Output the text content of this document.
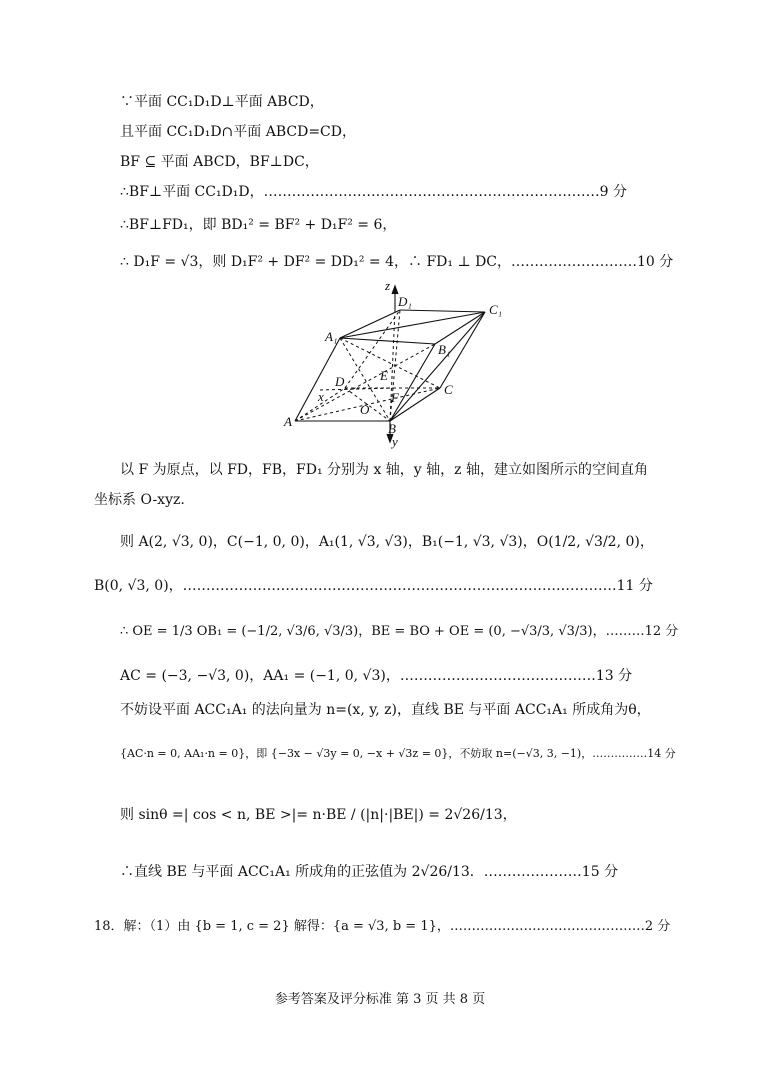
∵平面 CC₁D₁D⊥平面 ABCD，
且平面 CC₁D₁D∩平面 ABCD=CD，
BF ⊆ 平面 ABCD，BF⊥DC，
∴BF⊥平面 CC₁D₁D，………………………………………………………………9 分
∴BF⊥FD₁，即 BD₁² = BF² + D₁F² = 6，
∴ D₁F = √3，则 D₁F² + DF² = DD₁² = 4，∴ FD₁ ⊥ DC，………………………10 分
z
D₁
C₁
A₁
B₁
D	E
C
x
O
F
A	B
y
以 F 为原点，以 FD，FB，FD₁ 分别为 x 轴，y 轴，z 轴，建立如图所示的空间直角
坐标系 O-xyz.
则 A(2, √3, 0)，C(−1, 0, 0)，A₁(1, √3, √3)，B₁(−1, √3, √3)，O(1/2, √3/2, 0)，
B(0, √3, 0)，…………………………………………………………………………………11 分
∴ OE = 1/3 OB₁ = (−1/2, √3/6, √3/3)，BE = BO + OE = (0, −√3/3, √3/3)，………12 分
AC = (−3, −√3, 0)，AA₁ = (−1, 0, √3)，……………………………………13 分
不妨设平面 ACC₁A₁ 的法向量为 n=(x, y, z)，直线 BE 与平面 ACC₁A₁ 所成角为θ，
{AC·n = 0, AA₁·n = 0}，即 {−3x − √3y = 0, −x + √3z = 0}，不妨取 n=(−√3, 3, −1)，……………14 分
则 sinθ =| cos < n, BE >|= n·BE / (|n|·|BE|) = 2√26/13，
∴直线 BE 与平面 ACC₁A₁ 所成角的正弦值为 2√26/13．…………………15 分
18．解：（1）由 {b = 1, c = 2} 解得：{a = √3, b = 1}，………………………………………2 分
参考答案及评分标准 第 3 页 共 8 页
